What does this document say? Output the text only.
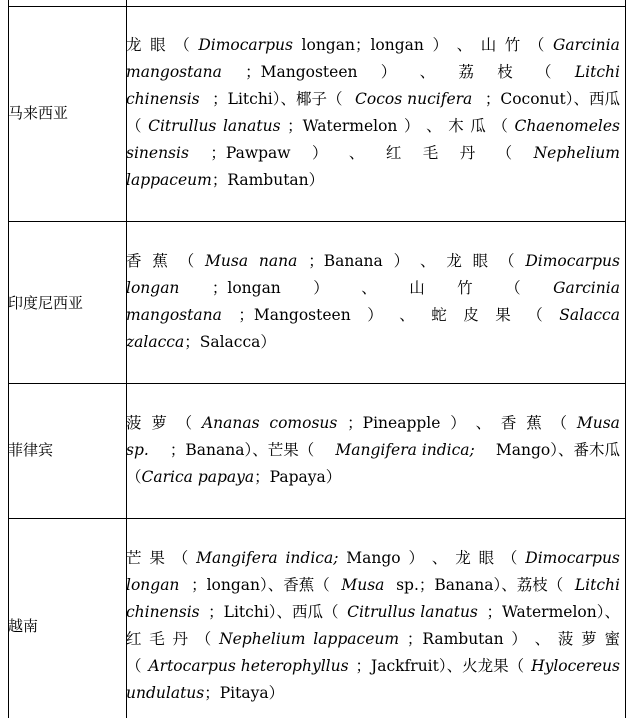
马来西亚
龙 眼 （ Dimocarpus longan；longan ） 、 山 竹 （ Garcinia
mangostana ；Mangosteen ） 、 荔 枝 （ Litchi
chinensis ；Litchi）、椰子（ Cocos nucifera ；Coconut）、西瓜
（ Citrullus lanatus ；Watermelon ） 、 木 瓜 （ Chaenomeles
sinensis ；Pawpaw ） 、 红 毛 丹 （ Nephelium
lappaceum ；Rambutan）
印度尼西亚
香 蕉 （ Musa nana ；Banana ） 、 龙 眼 （ Dimocarpus
longan ；longan ） 、 山 竹 （ Garcinia
mangostana ；Mangosteen ） 、 蛇 皮 果 （ Salacca
zalacca ；Salacca）
菲律宾
菠 萝 （ Ananas comosus ；Pineapple ） 、 香 蕉 （ Musa
sp. ；Banana）、芒果（ Mangifera indica; Mango）、番木瓜
（ Carica papaya ；Papaya）
越南
芒 果 （ Mangifera indica; Mango ） 、 龙 眼 （ Dimocarpus
longan ；longan）、香蕉（ Musa sp.；Banana）、荔枝（ Litchi
chinensis ；Litchi）、西瓜（ Citrullus lanatus ；Watermelon）、
红 毛 丹 （ Nephelium lappaceum ；Rambutan ） 、 菠 萝 蜜
（ Artocarpus heterophyllus ；Jackfruit）、火龙果（ Hylocereus
undulatus ；Pitaya）
